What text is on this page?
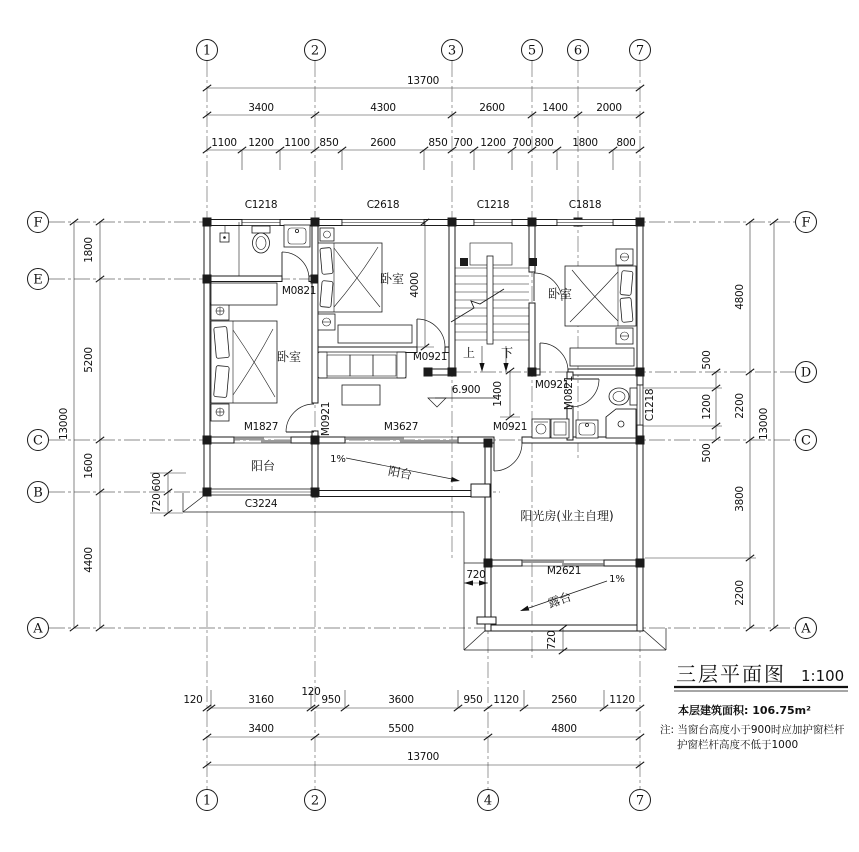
6.900
1%
1%
13700
3400	4300	2600	1400	2000
1100 1200 1100 850	2600	850 700 1200 700 800 1800 800
120	3160
120
950	3600	950 1120	2560	1120
3400	5500	4800
13700
13000
1800
5200
1600
4400
600
720
13000
4800
2200
3800
2200
500
1200
500
4000
1400
720
720
C1218	C2618	C1218	C1818
C3224
C1218
M0821
M0921
M0921
M1827	M3627	M0921
M0921
M0821
M2621
卧室
卧室
卧室
阳台	阳台
阳光房(业主自理)
露台
上 下
1	2	3	5	6	7
1	2	4	7
F
E
C
B
A
F
D
C
A
三层平面图 1:100
本层建筑面积: 106.75m²
注: 当窗台高度小于900时应加护窗栏杆
护窗栏杆高度不低于1000
